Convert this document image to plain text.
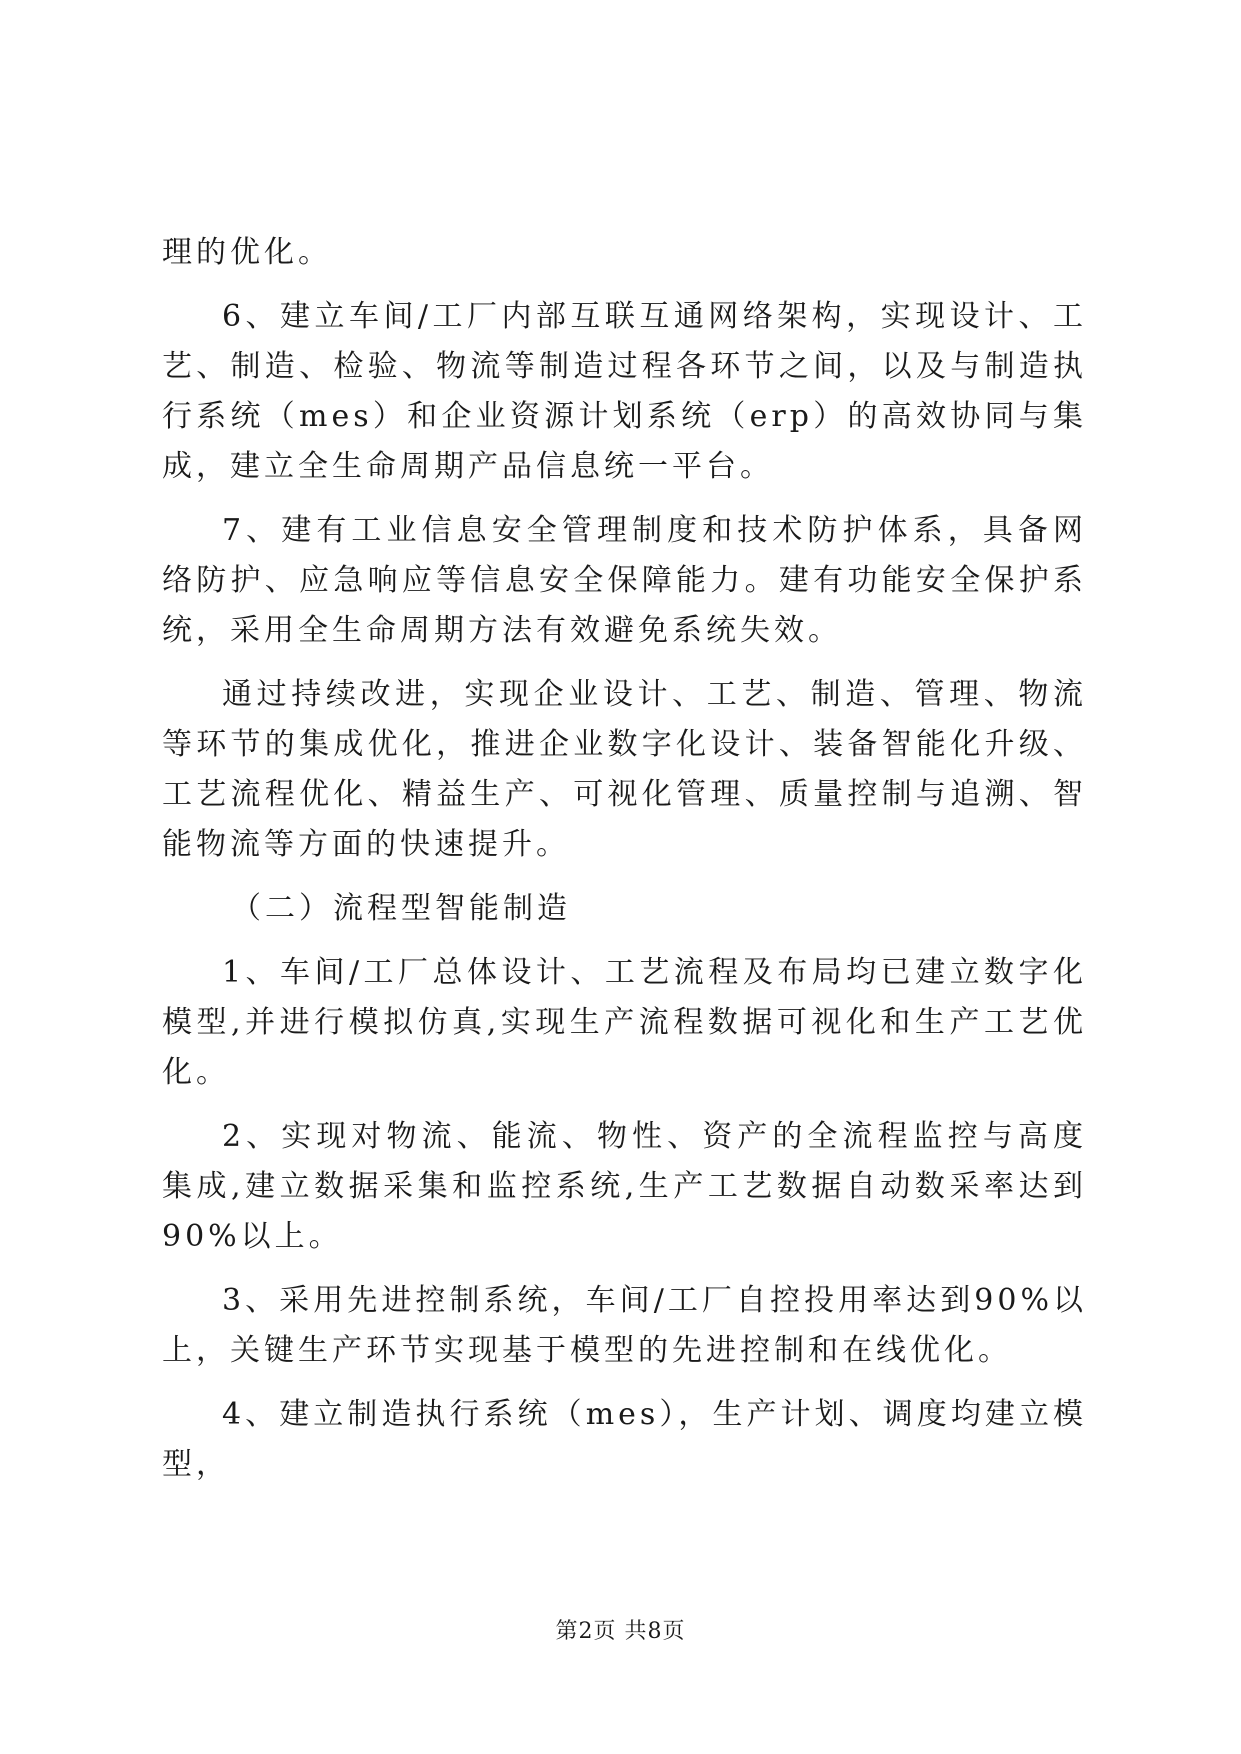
理的优化。

6、建立车间/工厂内部互联互通网络架构，实现设计、工艺、制造、检验、物流等制造过程各环节之间，以及与制造执行系统（mes）和企业资源计划系统（erp）的高效协同与集成，建立全生命周期产品信息统一平台。

7、建有工业信息安全管理制度和技术防护体系，具备网络防护、应急响应等信息安全保障能力。建有功能安全保护系统，采用全生命周期方法有效避免系统失效。

通过持续改进，实现企业设计、工艺、制造、管理、物流等环节的集成优化，推进企业数字化设计、装备智能化升级、工艺流程优化、精益生产、可视化管理、质量控制与追溯、智能物流等方面的快速提升。

（二）流程型智能制造

1、车间/工厂总体设计、工艺流程及布局均已建立数字化模型,并进行模拟仿真,实现生产流程数据可视化和生产工艺优化。

2、实现对物流、能流、物性、资产的全流程监控与高度集成,建立数据采集和监控系统,生产工艺数据自动数采率达到90%以上。

3、采用先进控制系统，车间/工厂自控投用率达到90%以上，关键生产环节实现基于模型的先进控制和在线优化。

4、建立制造执行系统（mes），生产计划、调度均建立模型，

第2页 共8页
